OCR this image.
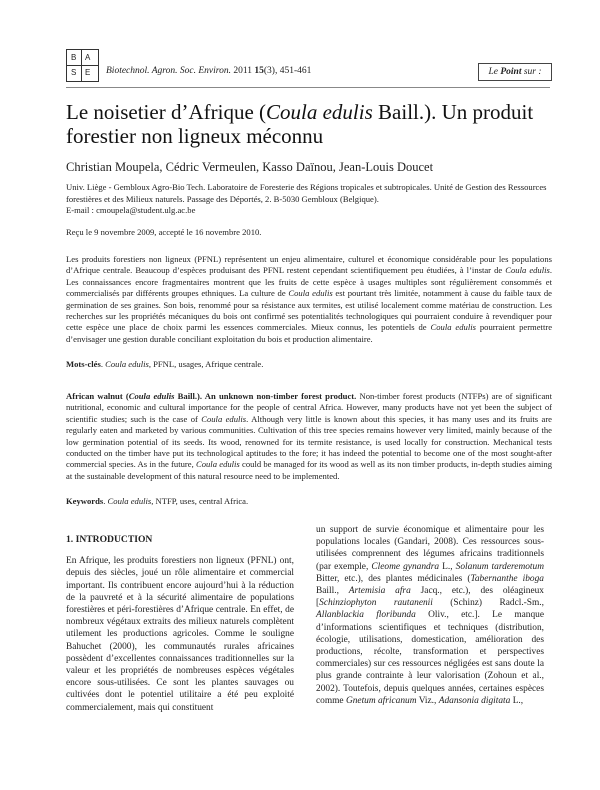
B A
S E Biotechnol. Agron. Soc. Environ. 2011 15(3), 451-461	Le Point sur :
Le noisetier d’Afrique (Coula edulis Baill.). Un produit forestier non ligneux méconnu
Christian Moupela, Cédric Vermeulen, Kasso Daïnou, Jean-Louis Doucet
Univ. Liège - Gembloux Agro-Bio Tech. Laboratoire de Foresterie des Régions tropicales et subtropicales. Unité de Gestion des Ressources forestières et des Milieux naturels. Passage des Déportés, 2. B-5030 Gembloux (Belgique).
E-mail : cmoupela@student.ulg.ac.be
Reçu le 9 novembre 2009, accepté le 16 novembre 2010.
Les produits forestiers non ligneux (PFNL) représentent un enjeu alimentaire, culturel et économique considérable pour les populations d’Afrique centrale. Beaucoup d’espèces produisant des PFNL restent cependant scientifiquement peu étudiées, à l’instar de Coula edulis. Les connaissances encore fragmentaires montrent que les fruits de cette espèce à usages multiples sont régulièrement consommés et commercialisés par différents groupes ethniques. La culture de Coula edulis est pourtant très limitée, notamment à cause du faible taux de germination de ses graines. Son bois, renommé pour sa résistance aux termites, est utilisé localement comme matériau de construction. Les recherches sur les propriétés mécaniques du bois ont confirmé ses potentialités technologiques qui pourraient conduire à revendiquer pour cette espèce une place de choix parmi les essences commerciales. Mieux connus, les potentiels de Coula edulis pourraient permettre d’envisager une gestion durable conciliant exploitation du bois et production alimentaire.
Mots-clés. Coula edulis, PFNL, usages, Afrique centrale.
African walnut (Coula edulis Baill.). An unknown non-timber forest product. Non-timber forest products (NTFPs) are of significant nutritional, economic and cultural importance for the people of central Africa. However, many products have not yet been the subject of scientific studies; such is the case of Coula edulis. Although very little is known about this species, it has many uses and its fruits are regularly eaten and marketed by various communities. Cultivation of this tree species remains however very limited, mainly because of the low germination potential of its seeds. Its wood, renowned for its termite resistance, is used locally for construction. Mechanical tests conducted on the timber have put its technological aptitudes to the fore; it has indeed the potential to become one of the most sought-after commercial species. As in the future, Coula edulis could be managed for its wood as well as its non timber products, in-depth studies aiming at the sustainable development of this natural resource need to be implemented.
Keywords. Coula edulis, NTFP, uses, central Africa.
1. INTRODUCTION

En Afrique, les produits forestiers non ligneux (PFNL) ont, depuis des siècles, joué un rôle alimentaire et commercial important. Ils contribuent encore aujourd’hui à la réduction de la pauvreté et à la sécurité alimentaire de populations forestières et péri-forestières d’Afrique centrale. En effet, de nombreux végétaux extraits des milieux naturels complètent utilement les productions agricoles. Comme le souligne Bahuchet (2000), les communautés rurales africaines possèdent d’excellentes connaissances traditionnelles sur la valeur et les propriétés de nombreuses espèces végétales encore sous-utilisées. Ce sont les plantes sauvages ou cultivées dont le potentiel utilitaire a été peu exploité commercialement, mais qui constituent

un support de survie économique et alimentaire pour les populations locales (Gandari, 2008). Ces ressources sous-utilisées comprennent des légumes africains traditionnels (par exemple, Cleome gynandra L., Solanum tarderemotum Bitter, etc.), des plantes médicinales (Tabernanthe iboga Baill., Artemisia afra Jacq., etc.), des oléagineux [Schinziophyton rautanenii (Schinz) Radcl.-Sm., Allanblackia floribunda Oliv., etc.]. Le manque d’informations scientifiques et techniques (distribution, écologie, utilisations, domestication, amélioration des productions, récolte, transformation et perspectives commerciales) sur ces ressources négligées est sans doute la plus grande contrainte à leur valorisation (Zohoun et al., 2002). Toutefois, depuis quelques années, certaines espèces comme Gnetum africanum Viz., Adansonia digitata L.,
